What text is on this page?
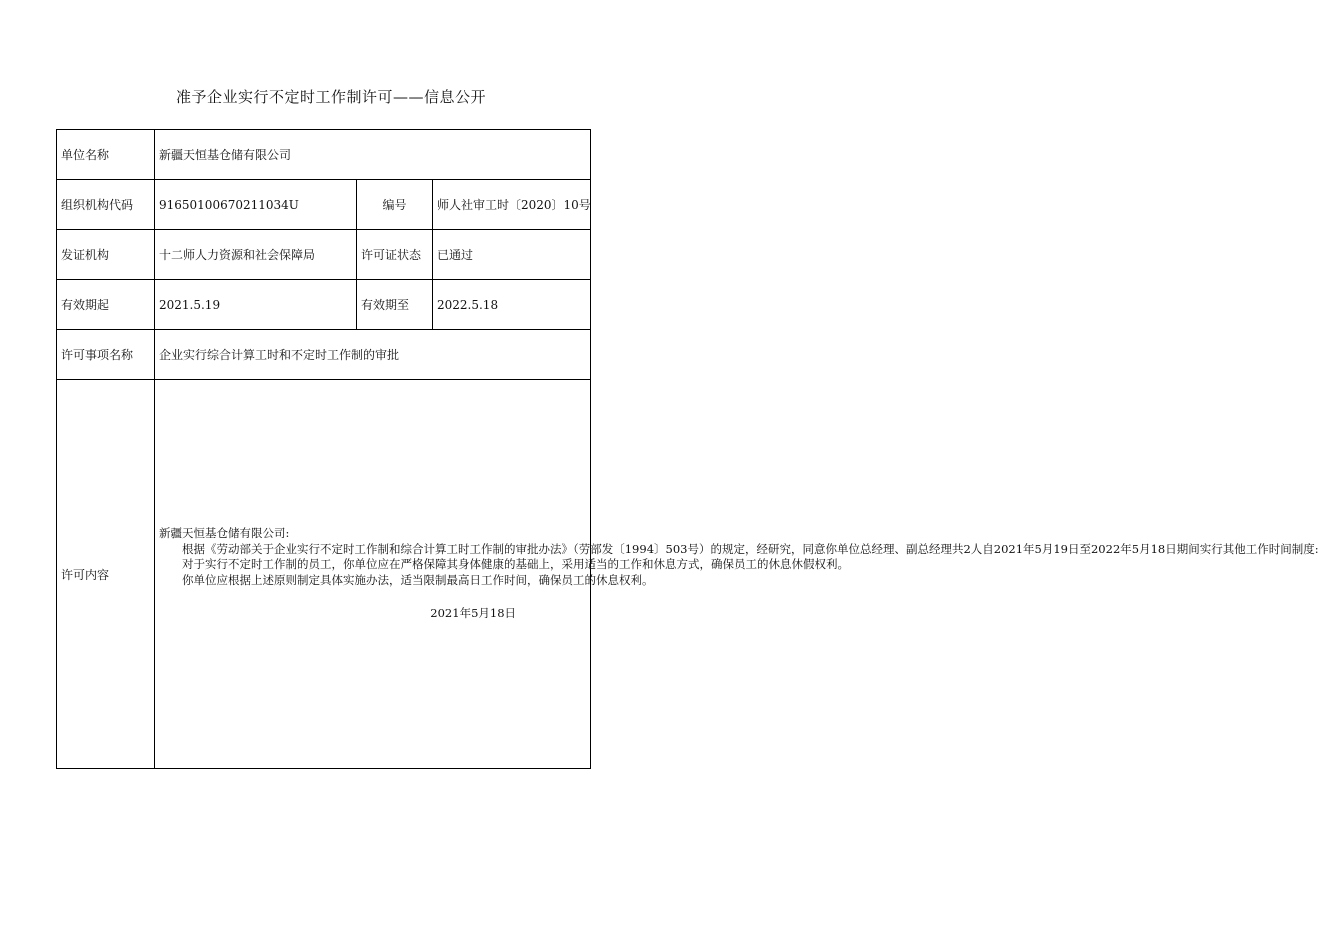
准予企业实行不定时工作制许可——信息公开
单位名称	新疆天恒基仓储有限公司		
组织机构代码	91650100670211034U	编号	师人社审工时〔2020〕10号
发证机构	十二师人力资源和社会保障局	许可证状态	已通过
有效期起	2021.5.19	有效期至	2022.5.18
许可事项名称	企业实行综合计算工时和不定时工作制的审批		
许可内容	新疆天恒基仓储有限公司:

根据《劳动部关于企业实行不定时工作制和综合计算工时工作制的审批办法》（劳部发〔1994〕503号）的规定，经研究，同意你单位总经理、副总经理共2人自2021年5月19日至2022年5月18日期间实行其他工作时间制度:

对于实行不定时工作制的员工，你单位应在严格保障其身体健康的基础上，采用适当的工作和休息方式，确保员工的休息休假权利。

你单位应根据上述原则制定具体实施办法，适当限制最高日工作时间，确保员工的休息权利。

2021年5月18日		
